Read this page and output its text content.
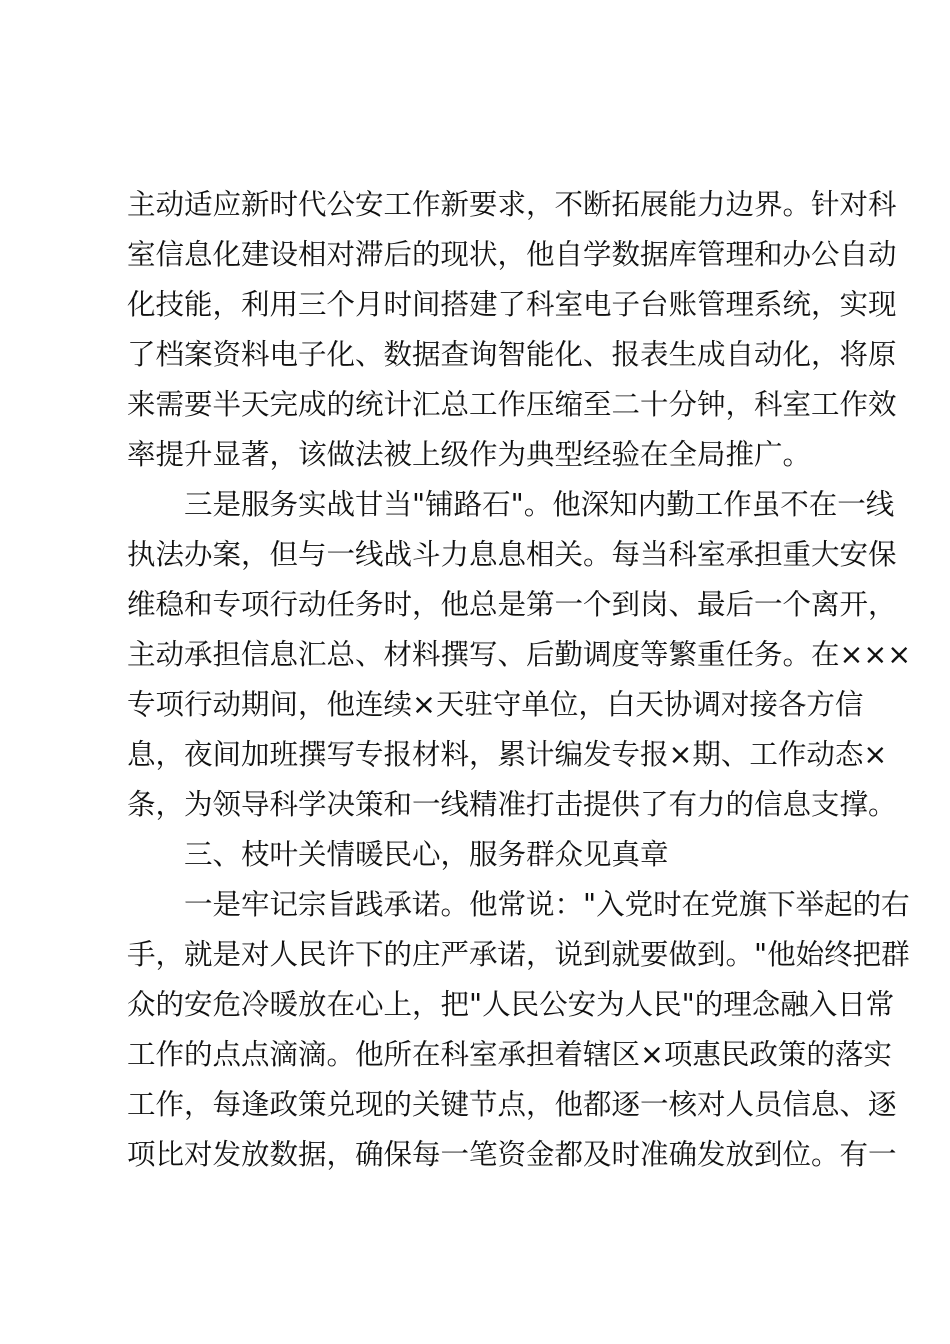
主动适应新时代公安工作新要求，不断拓展能力边界。针对科
室信息化建设相对滞后的现状，他自学数据库管理和办公自动
化技能，利用三个月时间搭建了科室电子台账管理系统，实现
了档案资料电子化、数据查询智能化、报表生成自动化，将原
来需要半天完成的统计汇总工作压缩至二十分钟，科室工作效
率提升显著，该做法被上级作为典型经验在全局推广。
三是服务实战甘当"铺路石"。他深知内勤工作虽不在一线
执法办案，但与一线战斗力息息相关。每当科室承担重大安保
维稳和专项行动任务时，他总是第一个到岗、最后一个离开，
主动承担信息汇总、材料撰写、后勤调度等繁重任务。在×××
专项行动期间，他连续×天驻守单位，白天协调对接各方信
息，夜间加班撰写专报材料，累计编发专报×期、工作动态×
条，为领导科学决策和一线精准打击提供了有力的信息支撑。
三、枝叶关情暖民心，服务群众见真章
一是牢记宗旨践承诺。他常说："入党时在党旗下举起的右
手，就是对人民许下的庄严承诺，说到就要做到。"他始终把群
众的安危冷暖放在心上，把"人民公安为人民"的理念融入日常
工作的点点滴滴。他所在科室承担着辖区×项惠民政策的落实
工作，每逢政策兑现的关键节点，他都逐一核对人员信息、逐
项比对发放数据，确保每一笔资金都及时准确发放到位。有一
